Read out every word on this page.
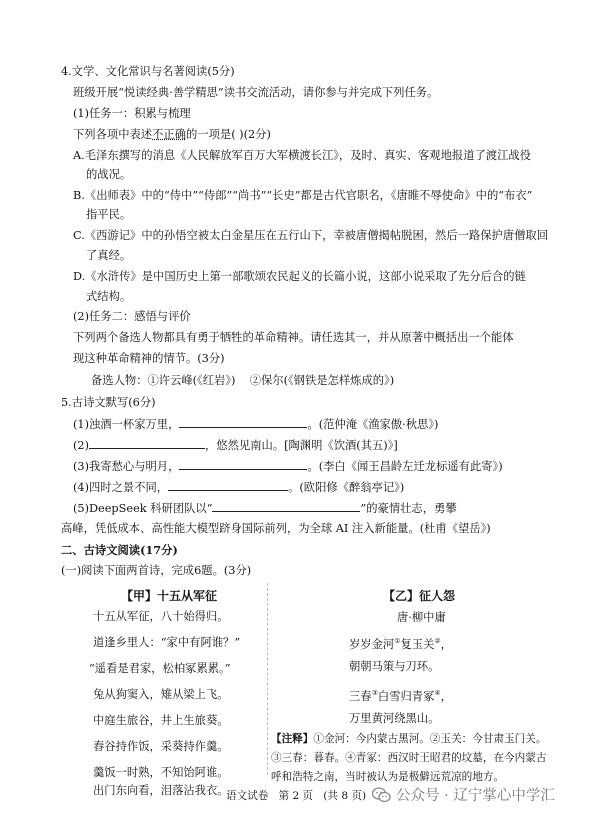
4.文学、文化常识与名著阅读(5分)
班级开展“悦读经典·善学精思”读书交流活动，请你参与并完成下列任务。
(1)任务一：积累与梳理
下列各项中表述不正确的一项是( )(2分)
A.毛泽东撰写的消息《人民解放军百万大军横渡长江》，及时、真实、客观地报道了渡江战役
的战况。
B.《出师表》中的“侍中”“侍郎”“尚书”“长史”都是古代官职名，《唐睢不辱使命》中的“布衣”
指平民。
C.《西游记》中的孙悟空被太白金星压在五行山下，幸被唐僧揭帖脱困，然后一路保护唐僧取回
了真经。
D.《水浒传》是中国历史上第一部歌颂农民起义的长篇小说，这部小说采取了先分后合的链
式结构。
(2)任务二：感悟与评价
下列两个备选人物都具有勇于牺牲的革命精神。请任选其一，并从原著中概括出一个能体
现这种革命精神的情节。(3分)
备选人物：①许云峰(《红岩》)    ②保尔(《钢铁是怎样炼成的》)
5.古诗文默写(6分)
(1)浊酒一杯家万里，	。(范仲淹《渔家傲·秋思》)
(2)	，悠然见南山。[陶渊明《饮酒(其五)》]
(3)我寄愁心与明月，	。(李白《闻王昌龄左迁龙标遥有此寄》)
(4)四时之景不同，	。(欧阳修《醉翁亭记》)
(5)DeepSeek 科研团队以“	”的豪情壮志，勇攀
高峰，凭低成本、高性能大模型跻身国际前列，为全球 AI 注入新能量。(杜甫《望岳》)
二、古诗文阅读(17分)
(一)阅读下面两首诗，完成6题。(3分)
【甲】十五从军征
十五从军征，八十始得归。
道逢乡里人：“家中有阿谁？”
“遥看是君家，松柏冢累累。”
兔从狗窦入，雉从梁上飞。
中庭生旅谷，井上生旅葵。
舂谷持作饭，采葵持作羹。
羹饭一时熟，不知饴阿谁。
出门东向看，泪落沾我衣。
【乙】征人怨
唐·柳中庸
岁岁金河①复玉关②，
朝朝马策与刀环。
三春③白雪归青冢④，
万里黄河绕黑山。
【注释】①金河：今内蒙古黑河。②玉关：今甘肃玉门关。
③三春：暮春。④青冢：西汉时王昭君的坟墓，在今内蒙古
呼和浩特之南，当时被认为是极僻远荒凉的地方。
语文试卷   第 2 页   (共 8 页) 公众号 · 辽宁掌心中学汇
